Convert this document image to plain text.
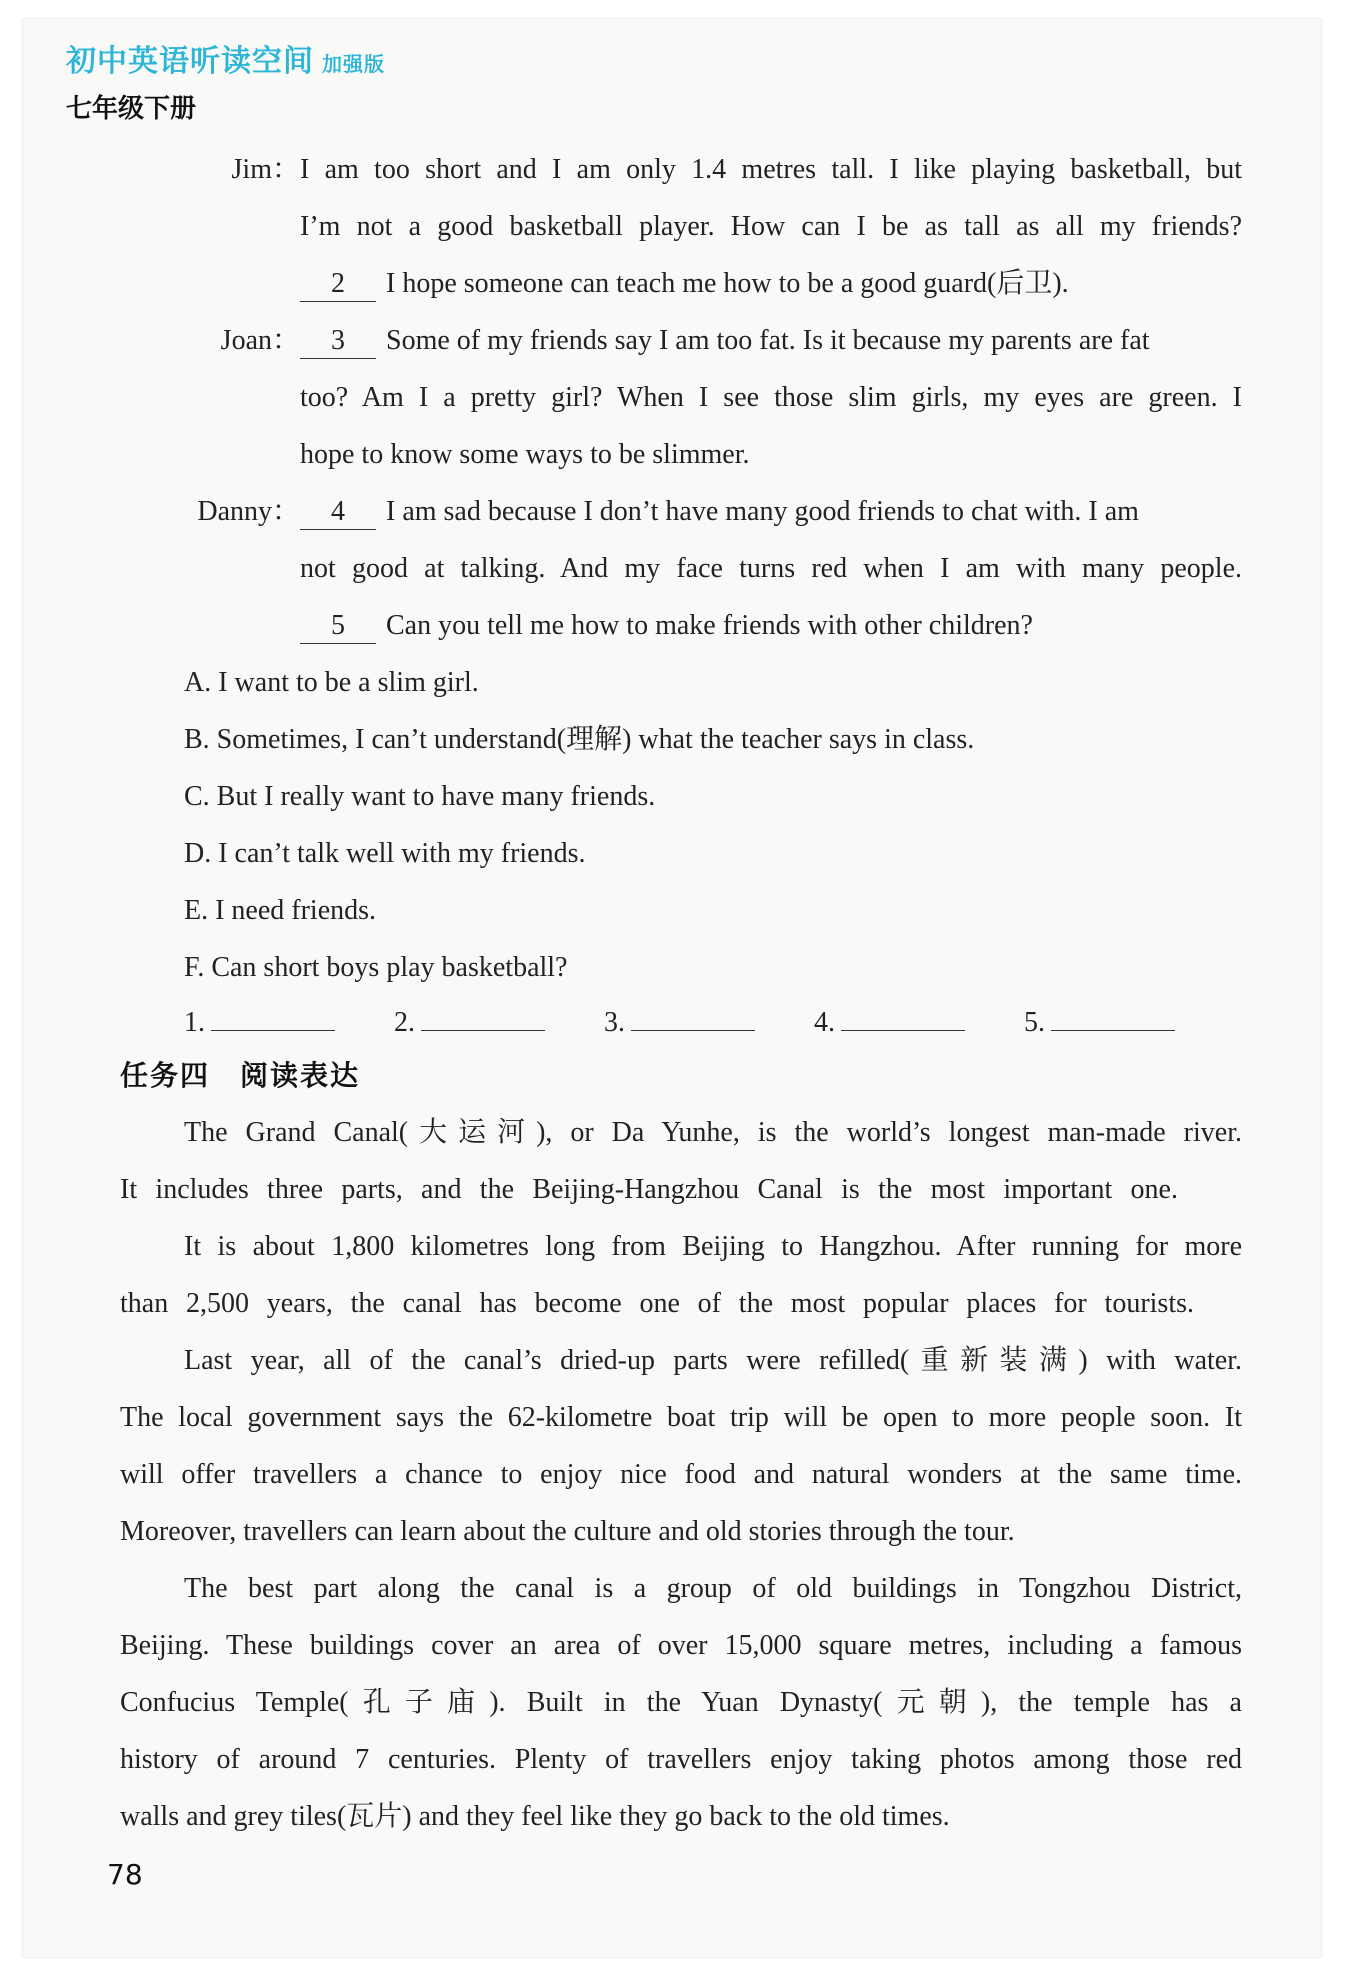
初中英语听读空间 加强版
七年级下册
Jim： I am too short and I am only 1.4 metres tall. I like playing basketball, but
I’m not a good basketball player. How can I be as tall as all my friends?
2 I hope someone can teach me how to be a good guard(后卫).
Joan：	3 Some of my friends say I am too fat. Is it because my parents are fat
too? Am I a pretty girl? When I see those slim girls, my eyes are green. I
hope to know some ways to be slimmer.
Danny：	4 I am sad because I don’t have many good friends to chat with. I am
not good at talking. And my face turns red when I am with many people.
5 Can you tell me how to make friends with other children?
A. I want to be a slim girl.
B. Sometimes, I can’t understand(理解) what the teacher says in class.
C. But I really want to have many friends.
D. I can’t talk well with my friends.
E. I need friends.
F. Can short boys play basketball?
1.	2.	3.	4.	5.
任务四　阅读表达
The Grand Canal(大运河), or Da Yunhe, is the world’s longest man-made river.
It includes three parts, and the Beijing-Hangzhou Canal is the most important one.
It is about 1,800 kilometres long from Beijing to Hangzhou. After running for more
than 2,500 years, the canal has become one of the most popular places for tourists.
Last year, all of the canal’s dried-up parts were refilled(重新装满) with water.
The local government says the 62-kilometre boat trip will be open to more people soon. It
will offer travellers a chance to enjoy nice food and natural wonders at the same time.
Moreover, travellers can learn about the culture and old stories through the tour.
The best part along the canal is a group of old buildings in Tongzhou District,
Beijing. These buildings cover an area of over 15,000 square metres, including a famous
Confucius Temple(孔子庙). Built in the Yuan Dynasty(元朝), the temple has a
history of around 7 centuries. Plenty of travellers enjoy taking photos among those red
walls and grey tiles(瓦片) and they feel like they go back to the old times.
78
